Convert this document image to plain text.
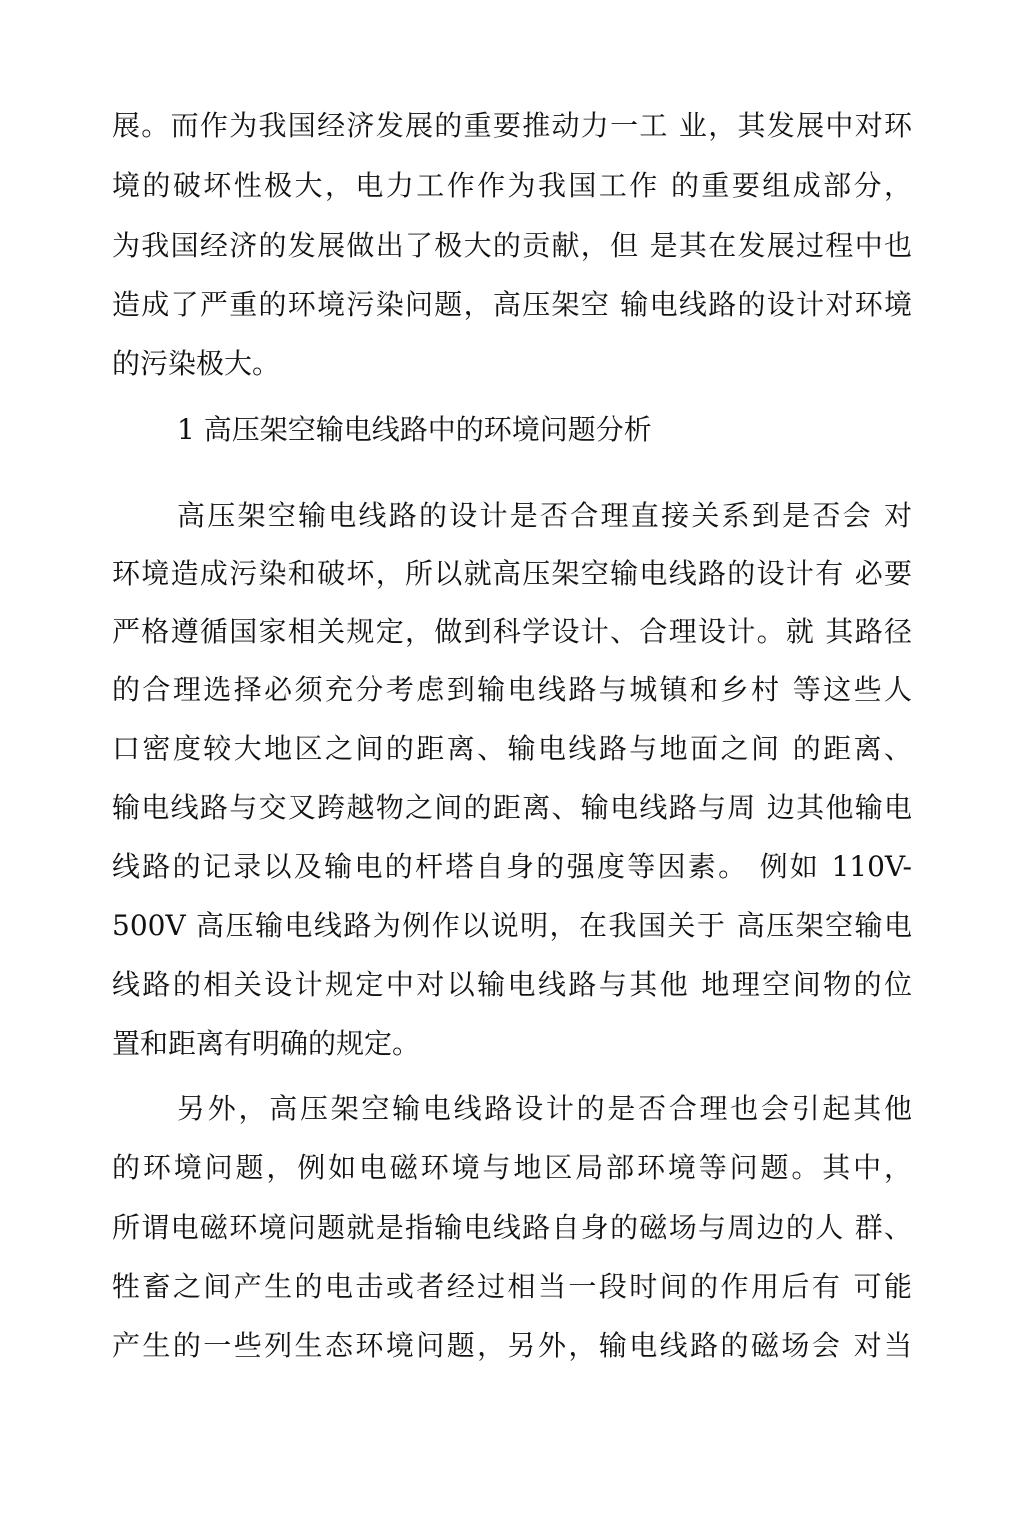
展。而作为我国经济发展的重要推动力一工 业，其发展中对环
境的破坏性极大，电力工作作为我国工作 的重要组成部分，
为我国经济的发展做出了极大的贡献，但 是其在发展过程中也
造成了严重的环境污染问题，高压架空 输电线路的设计对环境
的污染极大。
1 高压架空输电线路中的环境问题分析
高压架空输电线路的设计是否合理直接关系到是否会 对
环境造成污染和破坏，所以就高压架空输电线路的设计有 必要
严格遵循国家相关规定，做到科学设计、合理设计。就 其路径
的合理选择必须充分考虑到输电线路与城镇和乡村 等这些人
口密度较大地区之间的距离、输电线路与地面之间 的距离、
输电线路与交叉跨越物之间的距离、输电线路与周 边其他输电
线路的记录以及输电的杆塔自身的强度等因素。 例如 110V-
500V 高压输电线路为例作以说明，在我国关于 高压架空输电
线路的相关设计规定中对以输电线路与其他 地理空间物的位
置和距离有明确的规定。
另外，高压架空输电线路设计的是否合理也会引起其他
的环境问题，例如电磁环境与地区局部环境等问题。其中，
所谓电磁环境问题就是指输电线路自身的磁场与周边的人 群、
牲畜之间产生的电击或者经过相当一段时间的作用后有 可能
产生的一些列生态环境问题，另外，输电线路的磁场会 对当
